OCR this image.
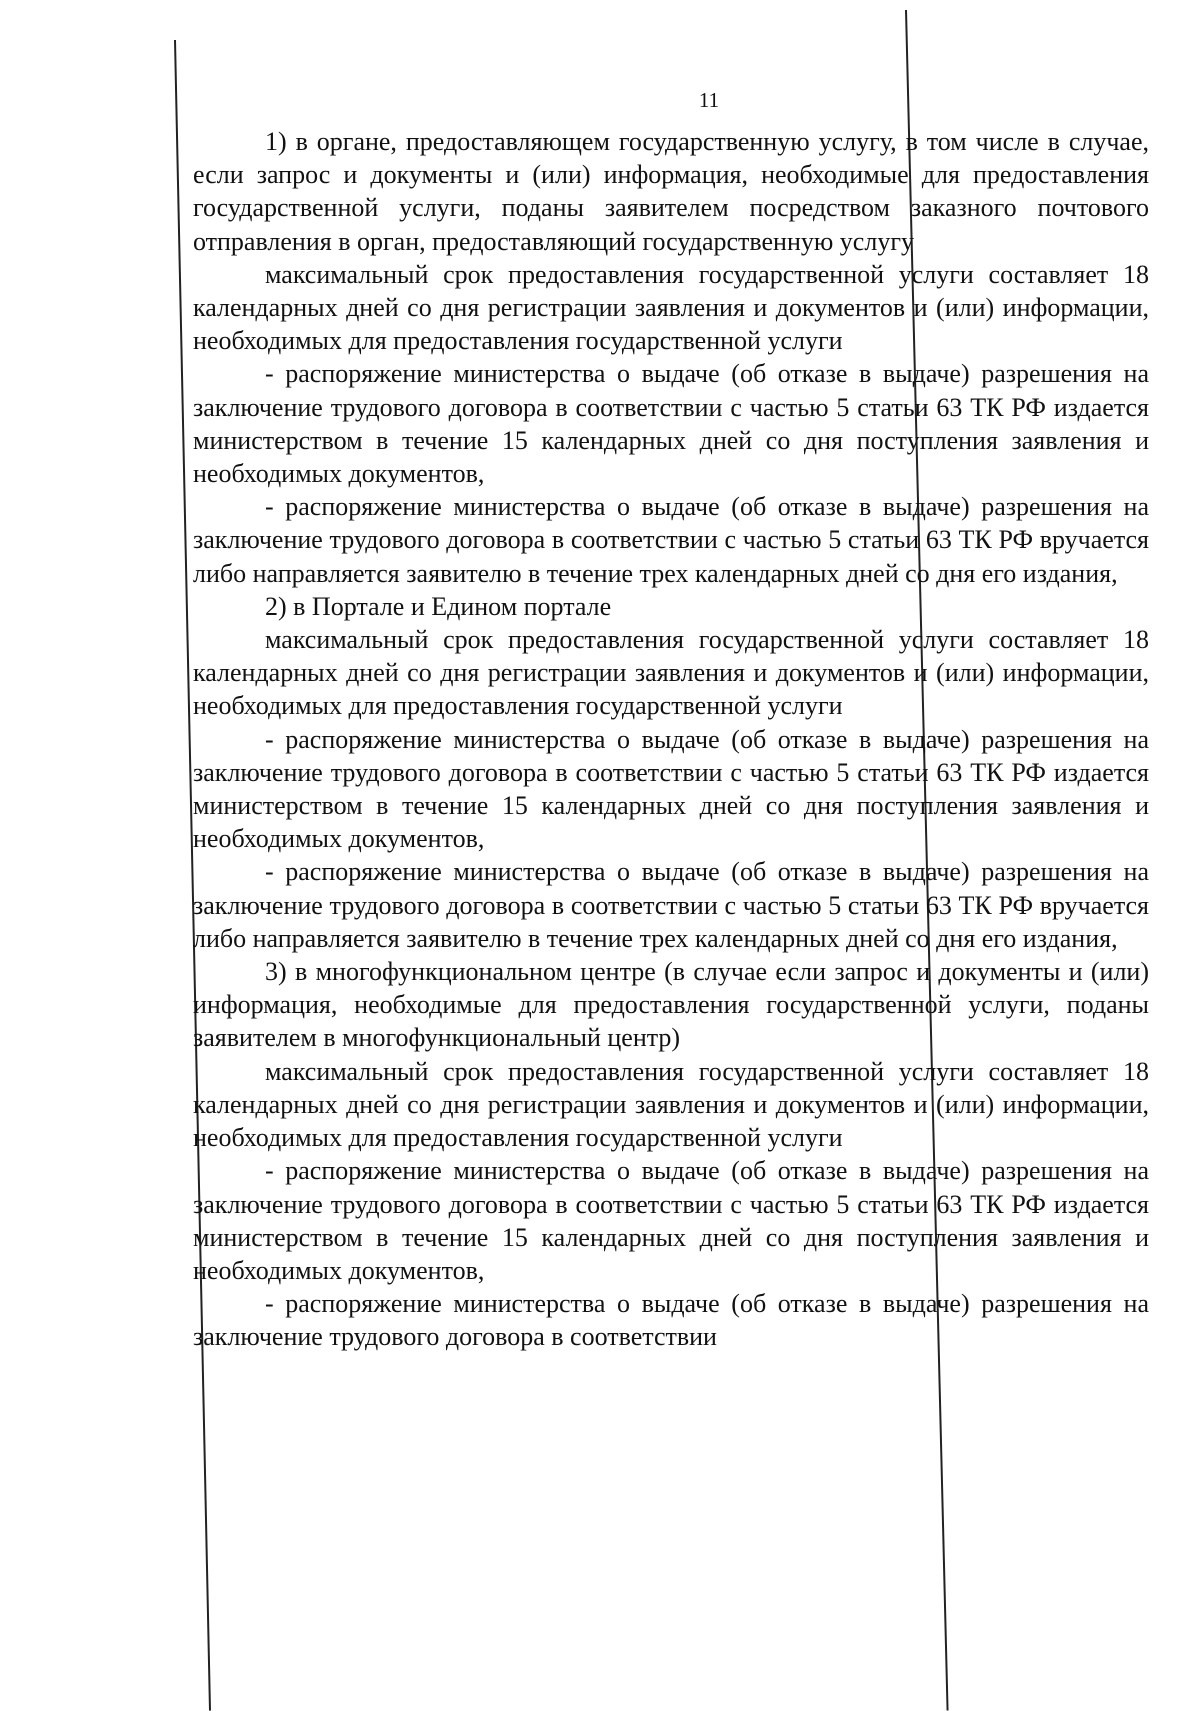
11

1) в органе, предоставляющем государственную услугу, в том числе в случае, если запрос и документы и (или) информация, необходимые для предоставления государственной услуги, поданы заявителем посредством заказного почтового отправления в орган, предоставляющий государственную услугу

максимальный срок предоставления государственной услуги составляет 18 календарных дней со дня регистрации заявления и документов и (или) информации, необходимых для предоставления государственной услуги

- распоряжение министерства о выдаче (об отказе в выдаче) разрешения на заключение трудового договора в соответствии с частью 5 статьи 63 ТК РФ издается министерством в течение 15 календарных дней со дня поступления заявления и необходимых документов,

- распоряжение министерства о выдаче (об отказе в выдаче) разрешения на заключение трудового договора в соответствии с частью 5 статьи 63 ТК РФ вручается либо направляется заявителю в течение трех календарных дней со дня его издания,

2) в Портале и Едином портале

максимальный срок предоставления государственной услуги составляет 18 календарных дней со дня регистрации заявления и документов и (или) информации, необходимых для предоставления государственной услуги

- распоряжение министерства о выдаче (об отказе в выдаче) разрешения на заключение трудового договора в соответствии с частью 5 статьи 63 ТК РФ издается министерством в течение 15 календарных дней со дня поступления заявления и необходимых документов,

- распоряжение министерства о выдаче (об отказе в выдаче) разрешения на заключение трудового договора в соответствии с частью 5 статьи 63 ТК РФ вручается либо направляется заявителю в течение трех календарных дней со дня его издания,

3) в многофункциональном центре (в случае если запрос и документы и (или) информация, необходимые для предоставления государственной услуги, поданы заявителем в многофункциональный центр)

максимальный срок предоставления государственной услуги составляет 18 календарных дней со дня регистрации заявления и документов и (или) информации, необходимых для предоставления государственной услуги

- распоряжение министерства о выдаче (об отказе в выдаче) разрешения на заключение трудового договора в соответствии с частью 5 статьи 63 ТК РФ издается министерством в течение 15 календарных дней со дня поступления заявления и необходимых документов,

- распоряжение министерства о выдаче (об отказе в выдаче) разрешения на заключение трудового договора в соответствии
